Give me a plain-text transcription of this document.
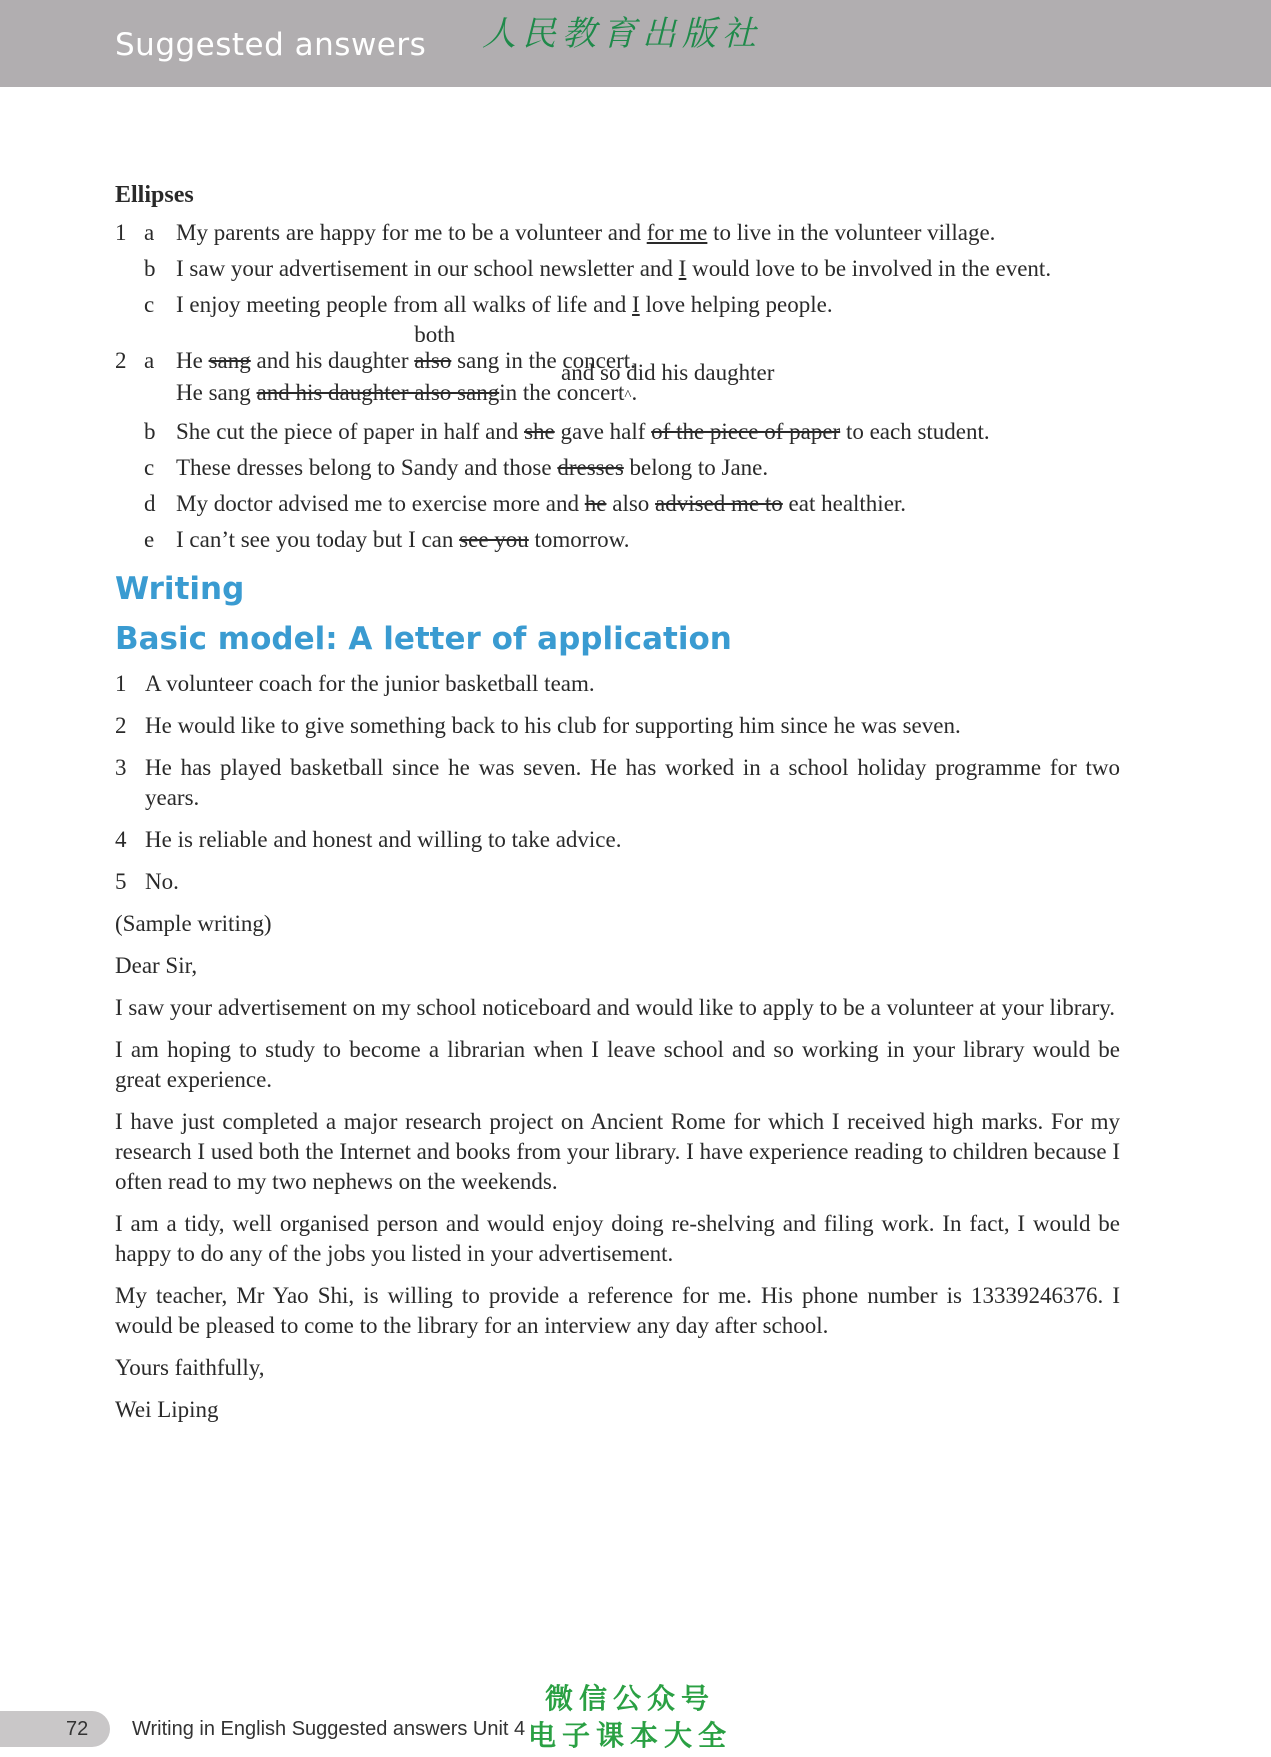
Suggested answers 人民教育出版社
Ellipses
1 a My parents are happy for me to be a volunteer and for me to live in the volunteer village.
b I saw your advertisement in our school newsletter and I would love to be involved in the event.
c I enjoy meeting people from all walks of life and I love helping people.
2 a He sang and his daughter
both
also sang in the concert.
He sang and his daughter also sangin the concert
and so did his daughter
^.
b She cut the piece of paper in half and she gave half of the piece of paper to each student.
c These dresses belong to Sandy and those dresses belong to Jane.
d My doctor advised me to exercise more and he also advised me to eat healthier.
e I can’t see you today but I can see you tomorrow.
Writing
Basic model: A letter of application
1 A volunteer coach for the junior basketball team.
2 He would like to give something back to his club for supporting him since he was seven.
3 He has played basketball since he was seven. He has worked in a school holiday programme for two years.
4 He is reliable and honest and willing to take advice.
5 No.
(Sample writing)
Dear Sir,
I saw your advertisement on my school noticeboard and would like to apply to be a volunteer at your library.
I am hoping to study to become a librarian when I leave school and so working in your library would be great experience.
I have just completed a major research project on Ancient Rome for which I received high marks. For my research I used both the Internet and books from your library. I have experience reading to children because I often read to my two nephews on the weekends.
I am a tidy, well organised person and would enjoy doing re-shelving and filing work. In fact, I would be happy to do any of the jobs you listed in your advertisement.
My teacher, Mr Yao Shi, is willing to provide a reference for me. His phone number is 13339246376. I would be pleased to come to the library for an interview any day after school.
Yours faithfully,
Wei Liping
72 Writing in English Suggested answers Unit 4
微信公众号
电子课本大全
